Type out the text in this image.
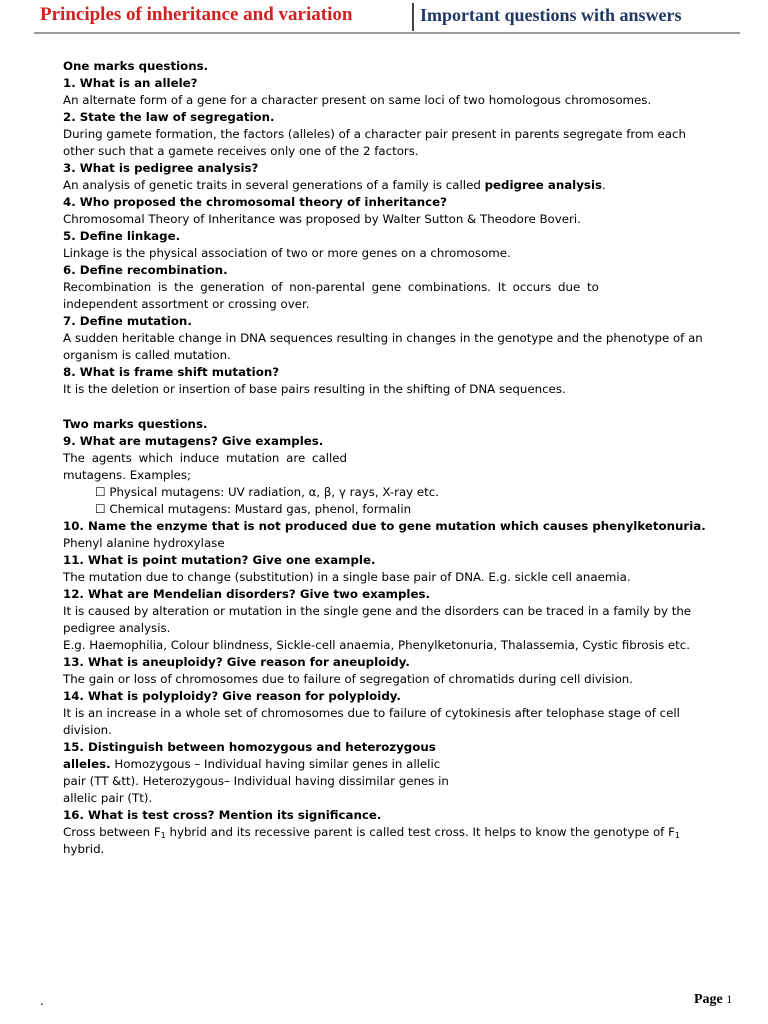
Principles of inheritance and variation	Important questions with answers

One marks questions.

1. What is an allele?

An alternate form of a gene for a character present on same loci of two homologous chromosomes.

2. State the law of segregation.

During gamete formation, the factors (alleles) of a character pair present in parents segregate from each

other such that a gamete receives only one of the 2 factors.

3. What is pedigree analysis?

An analysis of genetic traits in several generations of a family is called pedigree analysis.

4. Who proposed the chromosomal theory of inheritance?

Chromosomal Theory of Inheritance was proposed by Walter Sutton & Theodore Boveri.

5. Define linkage.

Linkage is the physical association of two or more genes on a chromosome.

6. Define recombination.

Recombination is the generation of non-parental gene combinations. It occurs due to

independent assortment or crossing over.

7. Define mutation.

A sudden heritable change in DNA sequences resulting in changes in the genotype and the phenotype of an

organism is called mutation.

8. What is frame shift mutation?

It is the deletion or insertion of base pairs resulting in the shifting of DNA sequences.

Two marks questions.

9. What are mutagens? Give examples.

The agents which induce mutation are called

mutagens. Examples;

☐ Physical mutagens: UV radiation, α, β, γ rays, X-ray etc.

☐ Chemical mutagens: Mustard gas, phenol, formalin

10. Name the enzyme that is not produced due to gene mutation which causes phenylketonuria.

Phenyl alanine hydroxylase

11. What is point mutation? Give one example.

The mutation due to change (substitution) in a single base pair of DNA. E.g. sickle cell anaemia.

12. What are Mendelian disorders? Give two examples.

It is caused by alteration or mutation in the single gene and the disorders can be traced in a family by the

pedigree analysis.

E.g. Haemophilia, Colour blindness, Sickle-cell anaemia, Phenylketonuria, Thalassemia, Cystic fibrosis etc.

13. What is aneuploidy? Give reason for aneuploidy.

The gain or loss of chromosomes due to failure of segregation of chromatids during cell division.

14. What is polyploidy? Give reason for polyploidy.

It is an increase in a whole set of chromosomes due to failure of cytokinesis after telophase stage of cell

division.

15. Distinguish between homozygous and heterozygous

alleles. Homozygous – Individual having similar genes in allelic

pair (TT &tt). Heterozygous– Individual having dissimilar genes in

allelic pair (Tt).

16. What is test cross? Mention its significance.

Cross between $F_1$ hybrid and its recessive parent is called test cross. It helps to know the genotype of $F_1$

hybrid.

.	Page 1
